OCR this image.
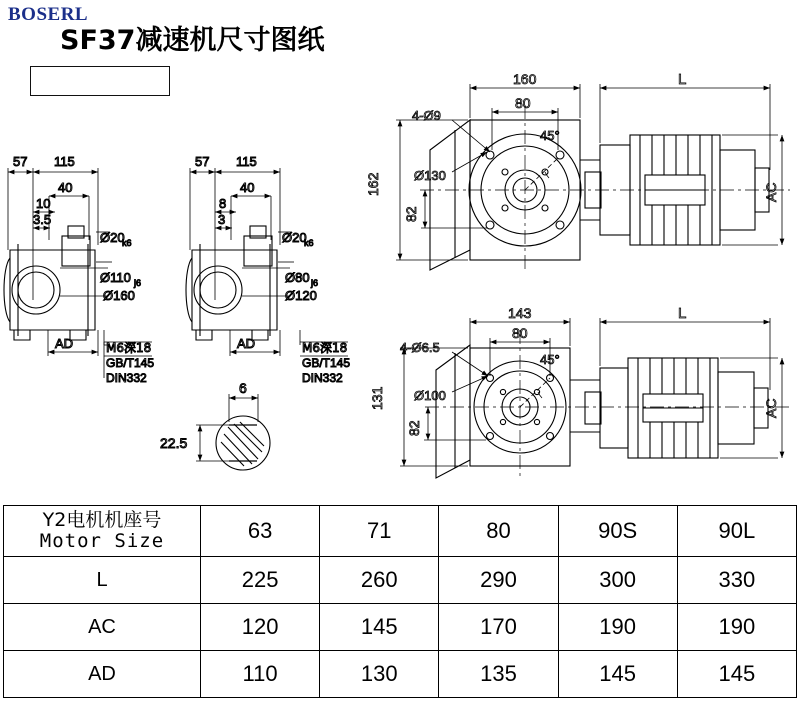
SF37减速机尺寸图纸
BOSERL
57 115
40
10
3.5
AD
Ø20
k6
Ø110 j6
Ø160
M6深18
GB/T145
DIN332
57 115
40
8
3
AD
Ø20
k6
Ø80 j6
Ø120
M6深18
GB/T145
DIN332
6
22.5
160
80
L
4-Ø9
45°
Ø130
162
82
AC
143
80
L
4-Ø6.5
45°
Ø100
131
82
AC
Y2电机机座号
Motor Size	63	71	80	90S	90L
L	225	260	290	300	330
AC	120	145	170	190	190
AD	110	130	135	145	145
